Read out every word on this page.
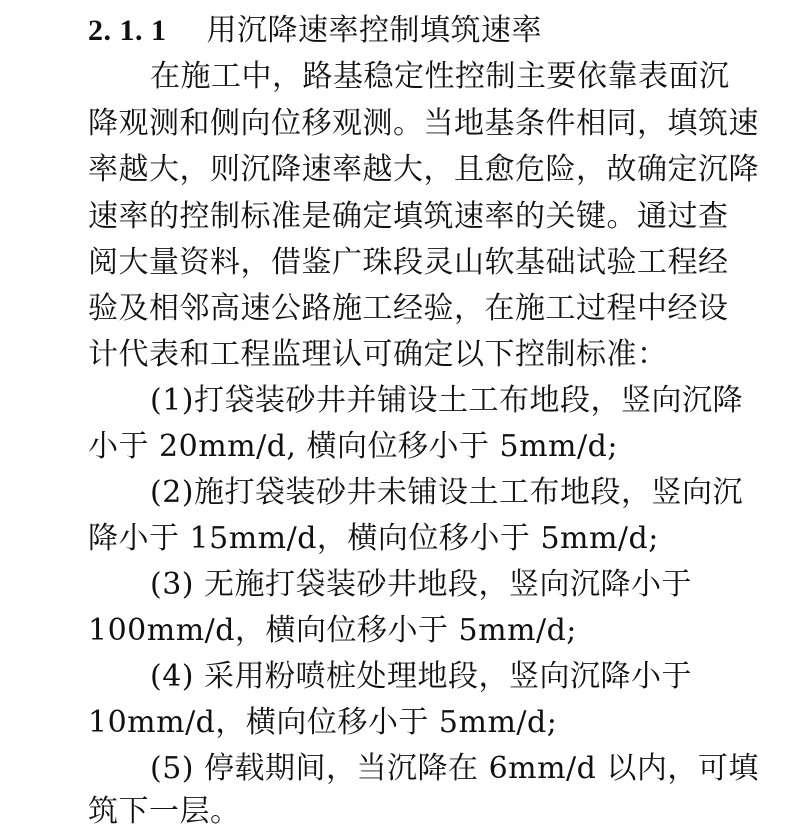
2. 1. 1 用沉降速率控制填筑速率
在施工中，路基稳定性控制主要依靠表面沉
降观测和侧向位移观测。当地基条件相同，填筑速
率越大，则沉降速率越大，且愈危险，故确定沉降
速率的控制标准是确定填筑速率的关键。通过查
阅大量资料，借鉴广珠段灵山软基础试验工程经
验及相邻高速公路施工经验，在施工过程中经设
计代表和工程监理认可确定以下控制标准：
(1)打袋装砂井并铺设土工布地段，竖向沉降
小于 20mm/d, 横向位移小于 5mm/d;
(2)施打袋装砂井未铺设土工布地段，竖向沉
降小于 15mm/d，横向位移小于 5mm/d;
(3) 无施打袋装砂井地段，竖向沉降小于
100mm/d，横向位移小于 5mm/d;
(4) 采用粉喷桩处理地段，竖向沉降小于
10mm/d，横向位移小于 5mm/d;
(5) 停载期间，当沉降在 6mm/d 以内，可填
筑下一层。
